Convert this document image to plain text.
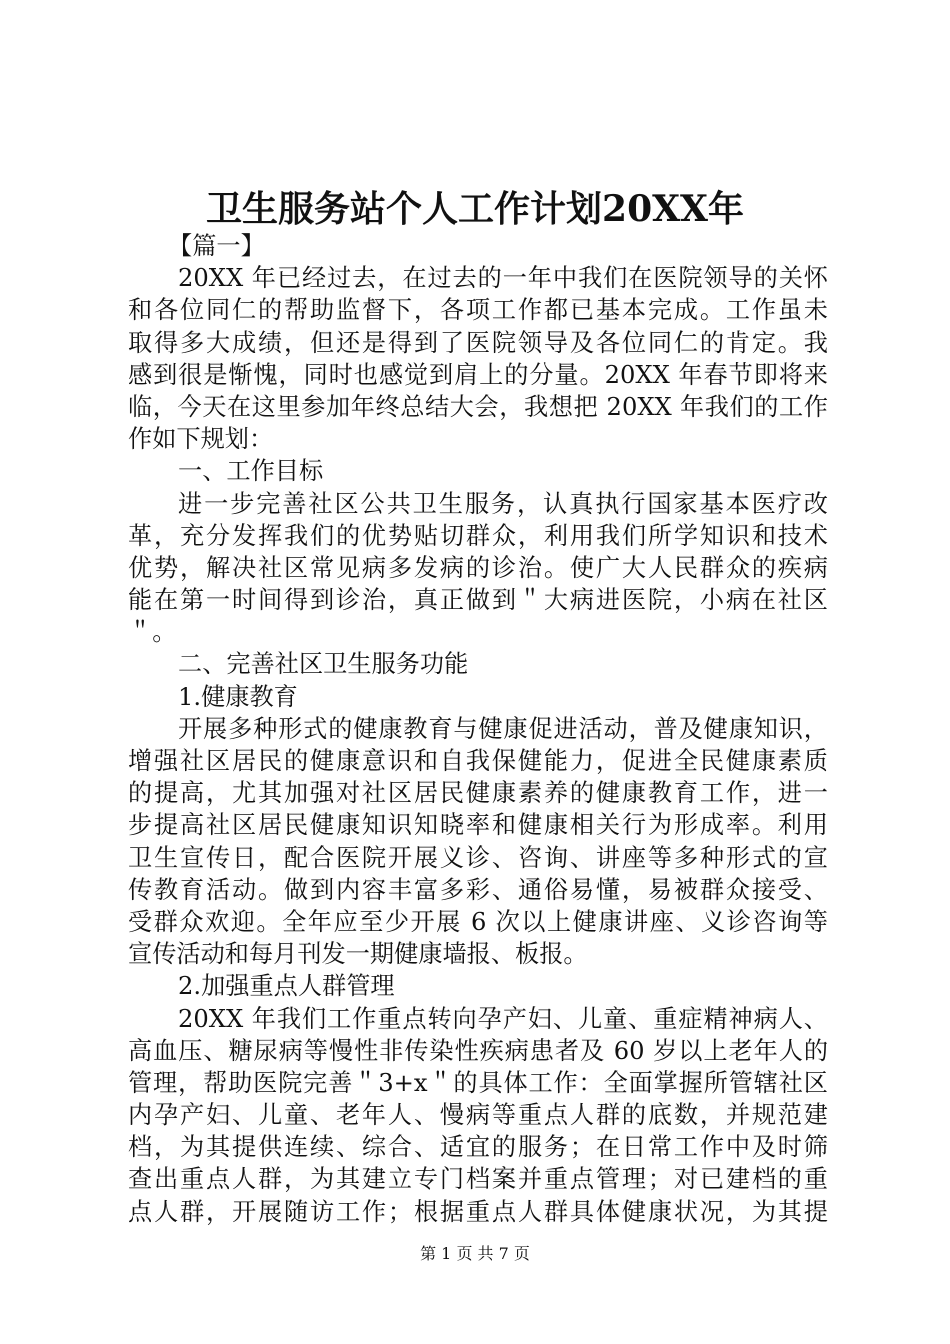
卫生服务站个人工作计划20XX年
【篇一】
20XX 年已经过去，在过去的一年中我们在医院领导的关怀
和各位同仁的帮助监督下，各项工作都已基本完成。工作虽未
取得多大成绩，但还是得到了医院领导及各位同仁的肯定。我
感到很是惭愧，同时也感觉到肩上的分量。20XX 年春节即将来
临，今天在这里参加年终总结大会，我想把 20XX 年我们的工作
作如下规划：
一、工作目标
进一步完善社区公共卫生服务，认真执行国家基本医疗改
革，充分发挥我们的优势贴切群众，利用我们所学知识和技术
优势，解决社区常见病多发病的诊治。使广大人民群众的疾病
能在第一时间得到诊治，真正做到＂大病进医院，小病在社区
＂。
二、完善社区卫生服务功能
1.健康教育
开展多种形式的健康教育与健康促进活动，普及健康知识，
增强社区居民的健康意识和自我保健能力，促进全民健康素质
的提高，尤其加强对社区居民健康素养的健康教育工作，进一
步提高社区居民健康知识知晓率和健康相关行为形成率。利用
卫生宣传日，配合医院开展义诊、咨询、讲座等多种形式的宣
传教育活动。做到内容丰富多彩、通俗易懂，易被群众接受、
受群众欢迎。全年应至少开展 6 次以上健康讲座、义诊咨询等
宣传活动和每月刊发一期健康墙报、板报。
2.加强重点人群管理
20XX 年我们工作重点转向孕产妇、儿童、重症精神病人、
高血压、糖尿病等慢性非传染性疾病患者及 60 岁以上老年人的
管理，帮助医院完善＂3+x＂的具体工作：全面掌握所管辖社区
内孕产妇、儿童、老年人、慢病等重点人群的底数，并规范建
档，为其提供连续、综合、适宜的服务；在日常工作中及时筛
查出重点人群，为其建立专门档案并重点管理；对已建档的重
点人群，开展随访工作；根据重点人群具体健康状况，为其提
第 1 页 共 7 页
